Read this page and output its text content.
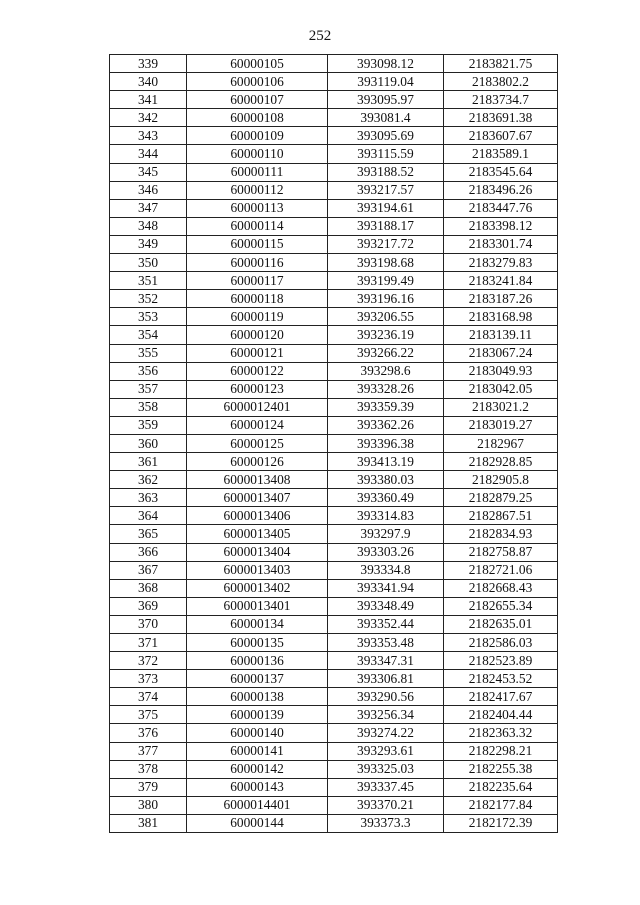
252
339	60000105	393098.12	2183821.75
340	60000106	393119.04	2183802.2
341	60000107	393095.97	2183734.7
342	60000108	393081.4	2183691.38
343	60000109	393095.69	2183607.67
344	60000110	393115.59	2183589.1
345	60000111	393188.52	2183545.64
346	60000112	393217.57	2183496.26
347	60000113	393194.61	2183447.76
348	60000114	393188.17	2183398.12
349	60000115	393217.72	2183301.74
350	60000116	393198.68	2183279.83
351	60000117	393199.49	2183241.84
352	60000118	393196.16	2183187.26
353	60000119	393206.55	2183168.98
354	60000120	393236.19	2183139.11
355	60000121	393266.22	2183067.24
356	60000122	393298.6	2183049.93
357	60000123	393328.26	2183042.05
358	6000012401	393359.39	2183021.2
359	60000124	393362.26	2183019.27
360	60000125	393396.38	2182967
361	60000126	393413.19	2182928.85
362	6000013408	393380.03	2182905.8
363	6000013407	393360.49	2182879.25
364	6000013406	393314.83	2182867.51
365	6000013405	393297.9	2182834.93
366	6000013404	393303.26	2182758.87
367	6000013403	393334.8	2182721.06
368	6000013402	393341.94	2182668.43
369	6000013401	393348.49	2182655.34
370	60000134	393352.44	2182635.01
371	60000135	393353.48	2182586.03
372	60000136	393347.31	2182523.89
373	60000137	393306.81	2182453.52
374	60000138	393290.56	2182417.67
375	60000139	393256.34	2182404.44
376	60000140	393274.22	2182363.32
377	60000141	393293.61	2182298.21
378	60000142	393325.03	2182255.38
379	60000143	393337.45	2182235.64
380	6000014401	393370.21	2182177.84
381	60000144	393373.3	2182172.39
